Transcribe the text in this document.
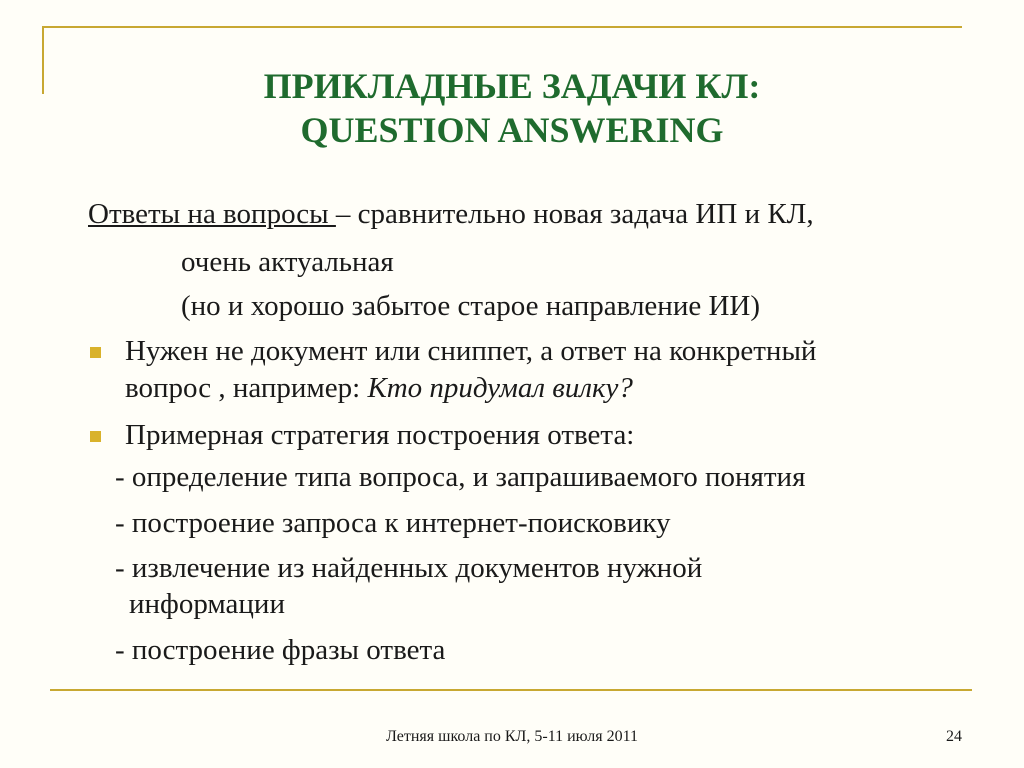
ПРИКЛАДНЫЕ ЗАДАЧИ КЛ:
QUESTION ANSWERING
Ответы на вопросы – сравнительно новая задача ИП и КЛ,
очень актуальная
(но и хорошо забытое старое направление ИИ)
Нужен не документ или сниппет, а ответ на конкретный
вопрос , например: Кто придумал вилку?
Примерная стратегия построения ответа:
- определение типа вопроса, и запрашиваемого понятия
- построение запроса к интернет-поисковику
- извлечение из найденных документов нужной
информации
- построение фразы ответа
Летняя школа по КЛ, 5-11 июля 2011	24
